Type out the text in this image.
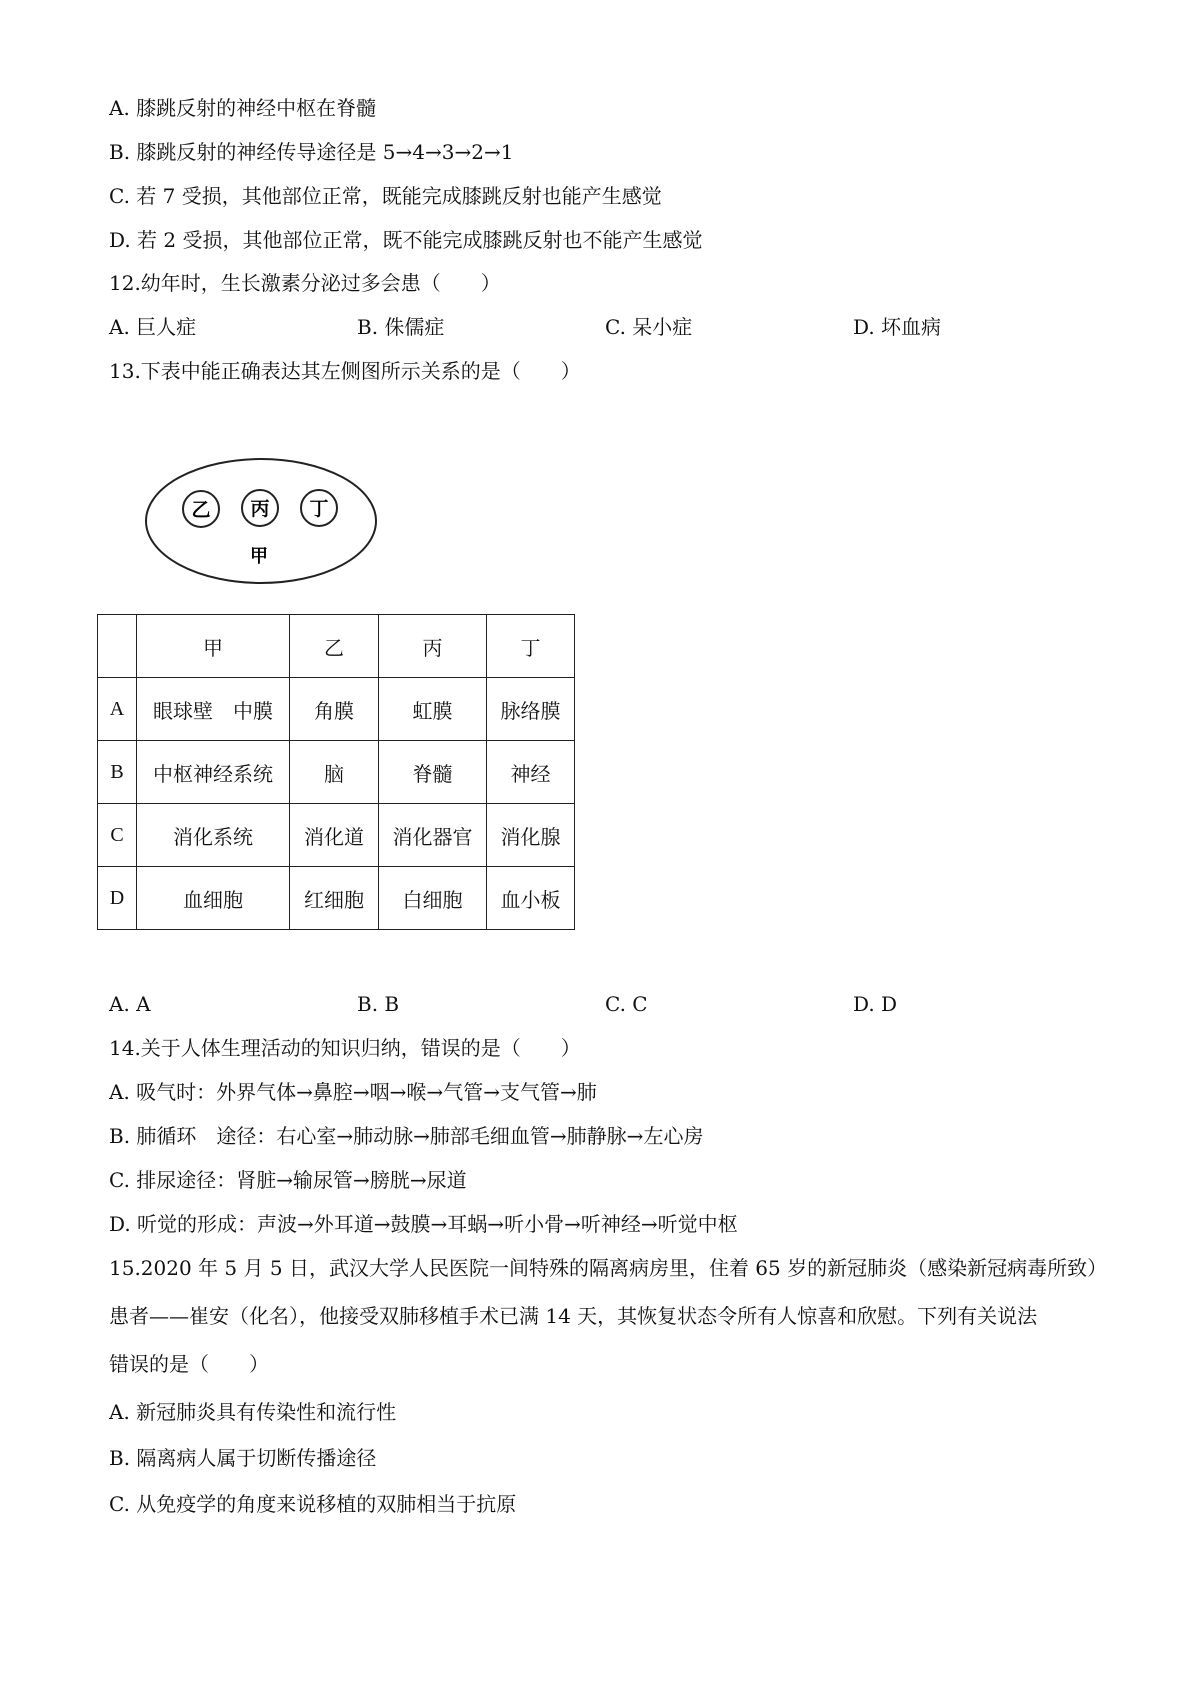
A. 膝跳反射的神经中枢在脊髓
B. 膝跳反射的神经传导途径是 5→4→3→2→1
C. 若 7 受损，其他部位正常，既能完成膝跳反射也能产生感觉
D. 若 2 受损，其他部位正常，既不能完成膝跳反射也不能产生感觉
12.幼年时，生长激素分泌过多会患（　　）
A. 巨人症	B. 侏儒症	C. 呆小症	D. 坏血病
13.下表中能正确表达其左侧图所示关系的是（　　）
乙 丙 丁
甲
	甲	乙	丙	丁
A	眼球壁　中膜	角膜	虹膜	脉络膜
B	中枢神经系统	脑	脊髓	神经
C	消化系统	消化道	消化器官	消化腺
D	血细胞	红细胞	白细胞	血小板
A. A	B. B	C. C	D. D
14.关于人体生理活动的知识归纳，错误的是（　　）
A. 吸气时：外界气体→鼻腔→咽→喉→气管→支气管→肺
B. 肺循环　途径：右心室→肺动脉→肺部毛细血管→肺静脉→左心房
C. 排尿途径：肾脏→输尿管→膀胱→尿道
D. 听觉的形成：声波→外耳道→鼓膜→耳蜗→听小骨→听神经→听觉中枢
15.2020 年 5 月 5 日，武汉大学人民医院一间特殊的隔离病房里，住着 65 岁的新冠肺炎（感染新冠病毒所致）
患者——崔安（化名），他接受双肺移植手术已满 14 天，其恢复状态令所有人惊喜和欣慰。下列有关说法
错误的是（　　）
A. 新冠肺炎具有传染性和流行性
B. 隔离病人属于切断传播途径
C. 从免疫学的角度来说移植的双肺相当于抗原
